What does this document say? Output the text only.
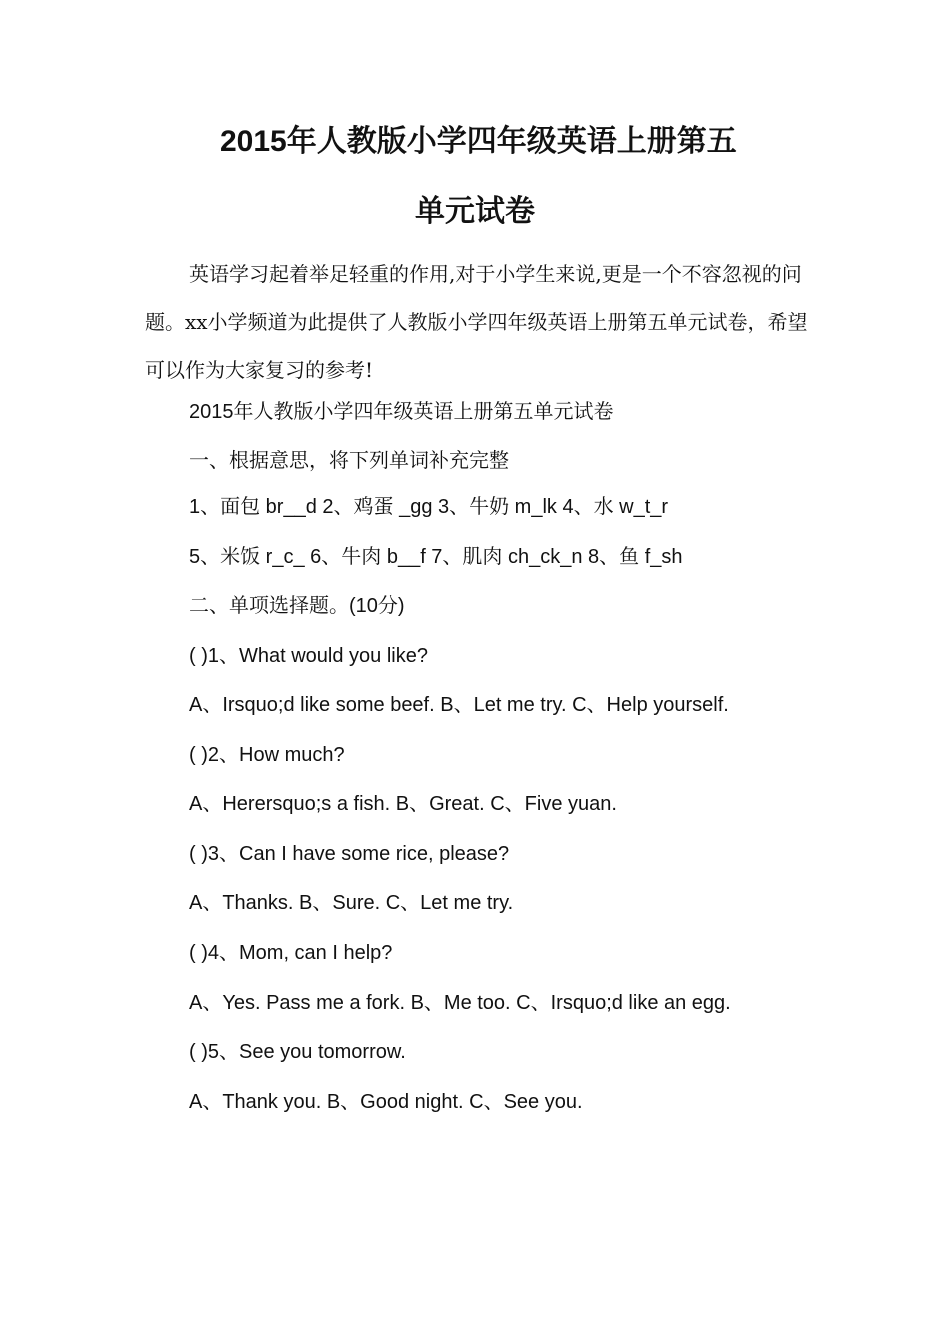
2015年人教版小学四年级英语上册第五
单元试卷
英语学习起着举足轻重的作用,对于小学生来说,更是一个不容忽视的问题。xx小学频道为此提供了人教版小学四年级英语上册第五单元试卷，希望可以作为大家复习的参考!
2015年人教版小学四年级英语上册第五单元试卷
一、根据意思，将下列单词补充完整
1、面包 br__d 2、鸡蛋 _gg 3、牛奶 m_lk 4、水 w_t_r
5、米饭 r_c_ 6、牛肉 b__f 7、肌肉 ch_ck_n 8、鱼 f_sh
二、单项选择题。(10分)
( )1、What would you like?
A、Irsquo;d like some beef. B、Let me try. C、Help yourself.
( )2、How much?
A、Herersquo;s a fish. B、Great. C、Five yuan.
( )3、Can I have some rice, please?
A、Thanks. B、Sure. C、Let me try.
( )4、Mom, can I help?
A、Yes. Pass me a fork. B、Me too. C、Irsquo;d like an egg.
( )5、See you tomorrow.
A、Thank you. B、Good night. C、See you.
